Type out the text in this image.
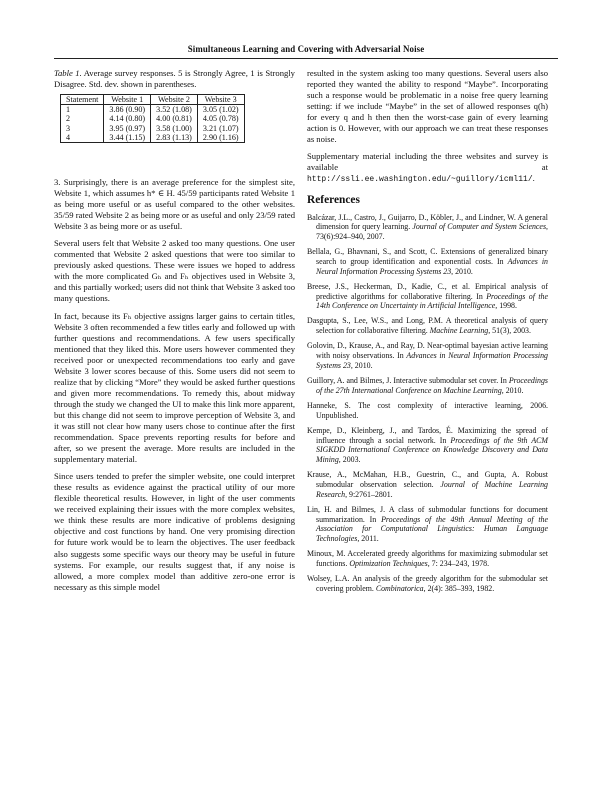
Simultaneous Learning and Covering with Adversarial Noise
Table 1. Average survey responses. 5 is Strongly Agree, 1 is Strongly Disagree. Std. dev. shown in parentheses.
Statement	Website 1	Website 2	Website 3
1	3.86 (0.90)	3.52 (1.08)	3.05 (1.02)
2	4.14 (0.80)	4.00 (0.81)	4.05 (0.78)
3	3.95 (0.97)	3.58 (1.00)	3.21 (1.07)
4	3.44 (1.15)	2.83 (1.13)	2.90 (1.16)

3. Surprisingly, there is an average preference for the simplest site, Website 1, which assumes h* ∈ H. 45/59 participants rated Website 1 as being more useful or as useful compared to the other websites. 35/59 rated Website 2 as being more or as useful and only 23/59 rated Website 3 as being more or as useful.

Several users felt that Website 2 asked too many questions. One user commented that Website 2 asked questions that were too similar to previously asked questions. These were issues we hoped to address with the more complicated Gₕ and Fₕ objectives used in Website 3, and this partially worked; users did not think that Website 3 asked too many questions.

In fact, because its Fₕ objective assigns larger gains to certain titles, Website 3 often recommended a few titles early and followed up with further questions and recommendations. A few users specifically mentioned that they liked this. More users however commented they received poor or unexpected recommendations too early and gave Website 3 lower scores because of this. Some users did not seem to realize that by clicking “More” they would be asked further questions and given more recommendations. To remedy this, about midway through the study we changed the UI to make this link more apparent, but this change did not seem to improve perception of Website 3, and it was still not clear how many users chose to continue after the first recommendation. Space prevents reporting results for before and after, so we present the average. More results are included in the supplementary material.

Since users tended to prefer the simpler website, one could interpret these results as evidence against the practical utility of our more flexible theoretical results. However, in light of the user comments we received explaining their issues with the more complex websites, we think these results are more indicative of problems designing objective and cost functions by hand. One very promising direction for future work would be to learn the objectives. The user feedback also suggests some specific ways our theory may be useful in future systems. For example, our results suggest that, if any noise is allowed, a more complex model than additive zero-one error is necessary as this simple model

resulted in the system asking too many questions. Several users also reported they wanted the ability to respond “Maybe”. Incorporating such a response would be problematic in a noise free query learning setting: if we include “Maybe” in the set of allowed responses q(h) for every q and h then then the worst-case gain of every learning action is 0. However, with our approach we can treat these responses as noise.

Supplementary material including the three websites and survey is available at http://ssli.ee.washington.edu/~guillory/icml11/.

References
Balcázar, J.L., Castro, J., Guijarro, D., Köbler, J., and Lindner, W. A general dimension for query learning. Journal of Computer and System Sciences, 73(6):924–940, 2007.
Bellala, G., Bhavnani, S., and Scott, C. Extensions of generalized binary search to group identification and exponential costs. In Advances in Neural Information Processing Systems 23, 2010.
Breese, J.S., Heckerman, D., Kadie, C., et al. Empirical analysis of predictive algorithms for collaborative filtering. In Proceedings of the 14th Conference on Uncertainty in Artificial Intelligence, 1998.
Dasgupta, S., Lee, W.S., and Long, P.M. A theoretical analysis of query selection for collaborative filtering. Machine Learning, 51(3), 2003.
Golovin, D., Krause, A., and Ray, D. Near-optimal bayesian active learning with noisy observations. In Advances in Neural Information Processing Systems 23, 2010.
Guillory, A. and Bilmes, J. Interactive submodular set cover. In Proceedings of the 27th International Conference on Machine Learning, 2010.
Hanneke, S. The cost complexity of interactive learning, 2006. Unpublished.
Kempe, D., Kleinberg, J., and Tardos, É. Maximizing the spread of influence through a social network. In Proceedings of the 9th ACM SIGKDD International Conference on Knowledge Discovery and Data Mining, 2003.
Krause, A., McMahan, H.B., Guestrin, C., and Gupta, A. Robust submodular observation selection. Journal of Machine Learning Research, 9:2761–2801.
Lin, H. and Bilmes, J. A class of submodular functions for document summarization. In Proceedings of the 49th Annual Meeting of the Association for Computational Linguistics: Human Language Technologies, 2011.
Minoux, M. Accelerated greedy algorithms for maximizing submodular set functions. Optimization Techniques, 7: 234–243, 1978.
Wolsey, L.A. An analysis of the greedy algorithm for the submodular set covering problem. Combinatorica, 2(4): 385–393, 1982.
